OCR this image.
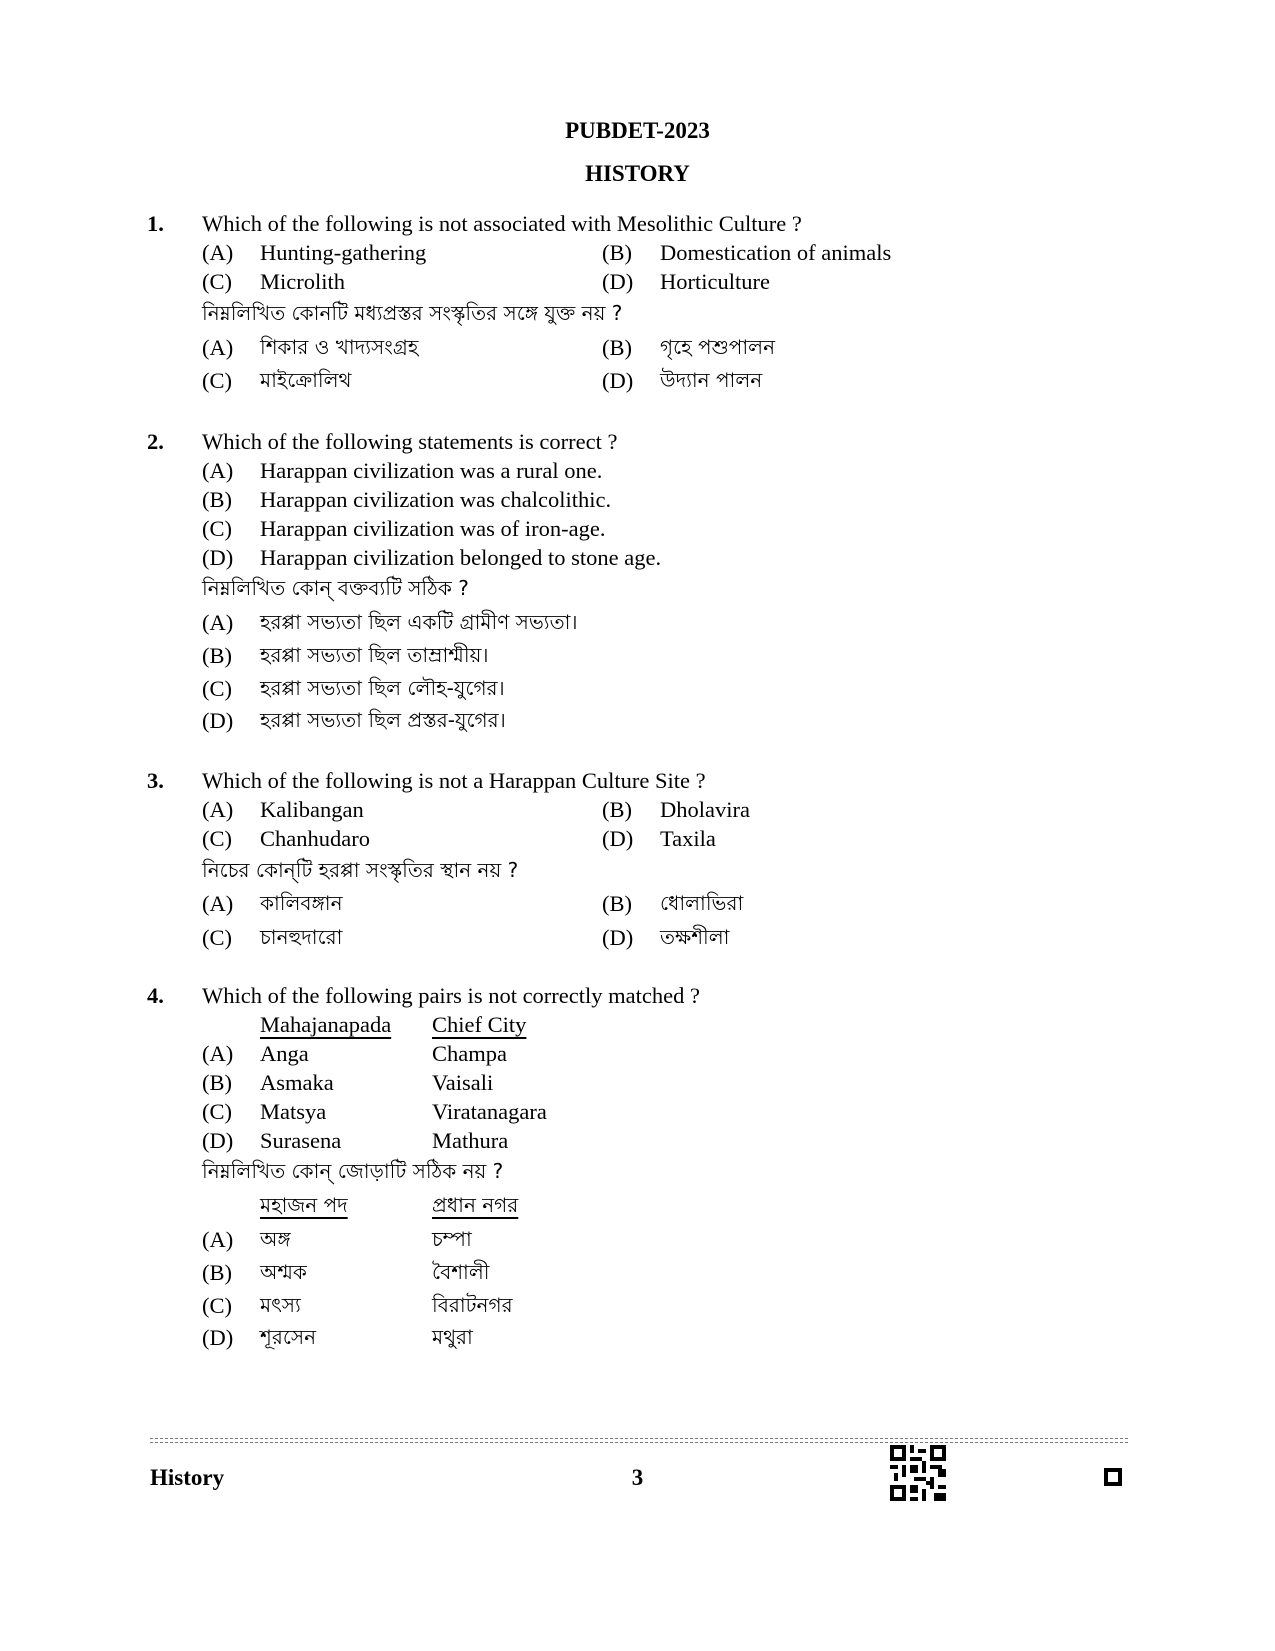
PUBDET-2023
HISTORY
1. Which of the following is not associated with Mesolithic Culture ?
(A) Hunting-gathering	(B) Domestication of animals
(C) Microlith	(D) Horticulture
নিম্নলিখিত কোনটি মধ্যপ্রস্তর সংস্কৃতির সঙ্গে যুক্ত নয় ?
(A) শিকার ও খাদ্যসংগ্রহ	(B) গৃহে পশুপালন
(C) মাইক্রোলিথ	(D) উদ্যান পালন
2. Which of the following statements is correct ?
(A) Harappan civilization was a rural one.
(B) Harappan civilization was chalcolithic.
(C) Harappan civilization was of iron-age.
(D) Harappan civilization belonged to stone age.
নিম্নলিখিত কোন্ বক্তব্যটি সঠিক ?
(A) হরপ্পা সভ্যতা ছিল একটি গ্রামীণ সভ্যতা।
(B) হরপ্পা সভ্যতা ছিল তাম্রাশ্মীয়।
(C) হরপ্পা সভ্যতা ছিল লৌহ-যুগের।
(D) হরপ্পা সভ্যতা ছিল প্রস্তর-যুগের।
3. Which of the following is not a Harappan Culture Site ?
(A) Kalibangan	(B) Dholavira
(C) Chanhudaro	(D) Taxila
নিচের কোন্‌টি হরপ্পা সংস্কৃতির স্থান নয় ?
(A) কালিবঙ্গান	(B) ধোলাভিরা
(C) চানহুদারো	(D) তক্ষশীলা
4. Which of the following pairs is not correctly matched ?
Mahajanapada Chief City
(A) Anga	Champa
(B) Asmaka	Vaisali
(C) Matsya	Viratanagara
(D) Surasena	Mathura
নিম্নলিখিত কোন্ জোড়াটি সঠিক নয় ?
মহাজন পদ	প্রধান নগর
(A) অঙ্গ	চম্পা
(B) অশ্মক	বৈশালী
(C) মৎস্য	বিরাটনগর
(D) শূরসেন	মথুরা
History	3
